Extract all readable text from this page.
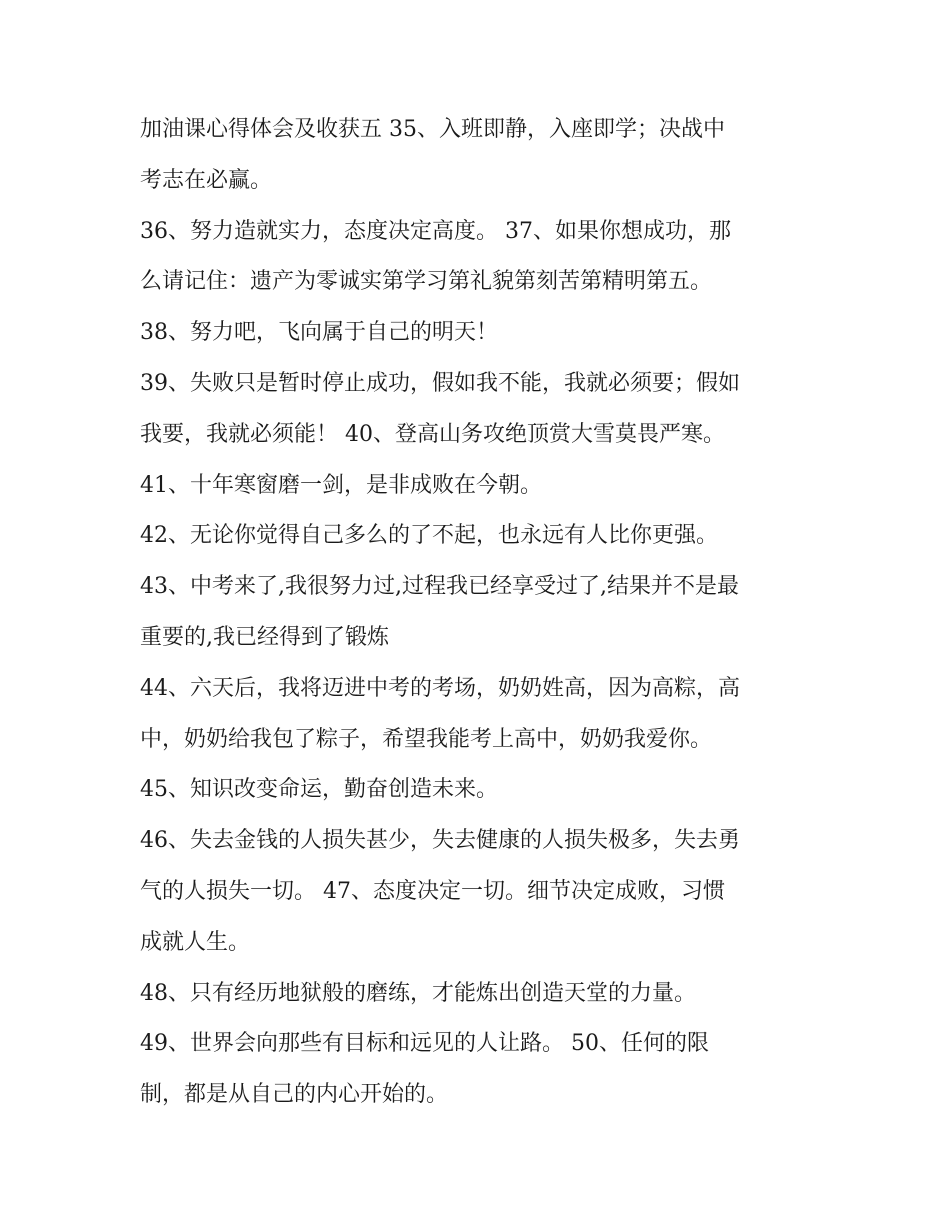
加油课心得体会及收获五 35、入班即静，入座即学；决战中
考志在必赢。
36、努力造就实力，态度决定高度。 37、如果你想成功，那
么请记住：遗产为零诚实第学习第礼貌第刻苦第精明第五。
38、努力吧，飞向属于自己的明天！
39、失败只是暂时停止成功，假如我不能，我就必须要；假如
我要，我就必须能！ 40、登高山务攻绝顶赏大雪莫畏严寒。
41、十年寒窗磨一剑，是非成败在今朝。
42、无论你觉得自己多么的了不起，也永远有人比你更强。
43、中考来了,我很努力过,过程我已经享受过了,结果并不是最
重要的,我已经得到了锻炼
44、六天后，我将迈进中考的考场，奶奶姓高，因为高粽，高
中，奶奶给我包了粽子，希望我能考上高中，奶奶我爱你。
45、知识改变命运，勤奋创造未来。
46、失去金钱的人损失甚少，失去健康的人损失极多，失去勇
气的人损失一切。 47、态度决定一切。细节决定成败，习惯
成就人生。
48、只有经历地狱般的磨练，才能炼出创造天堂的力量。
49、世界会向那些有目标和远见的人让路。 50、任何的限
制，都是从自己的内心开始的。
